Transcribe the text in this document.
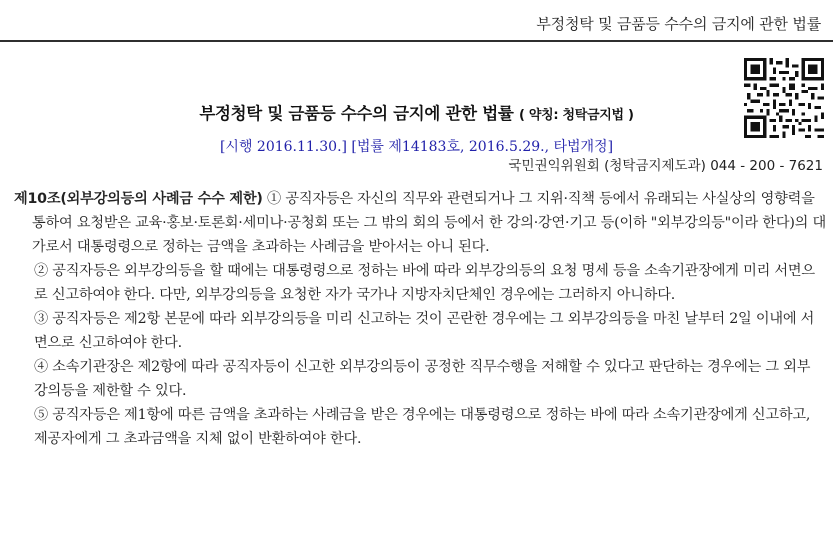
부정청탁 및 금품등 수수의 금지에 관한 법률
부정청탁 및 금품등 수수의 금지에 관한 법률 ( 약칭: 청탁금지법 )
[시행 2016.11.30.] [법률 제14183호, 2016.5.29., 타법개정]
국민권익위원회 (청탁금지제도과) 044 - 200 - 7621

제10조(외부강의등의 사례금 수수 제한) ① 공직자등은 자신의 직무와 관련되거나 그 지위·직책 등에서 유래되는 사실상의 영향력을 통하여 요청받은 교육·홍보·토론회·세미나·공청회 또는 그 밖의 회의 등에서 한 강의·강연·기고 등(이하 "외부강의등"이라 한다)의 대가로서 대통령령으로 정하는 금액을 초과하는 사례금을 받아서는 아니 된다.

② 공직자등은 외부강의등을 할 때에는 대통령령으로 정하는 바에 따라 외부강의등의 요청 명세 등을 소속기관장에게 미리 서면으로 신고하여야 한다. 다만, 외부강의등을 요청한 자가 국가나 지방자치단체인 경우에는 그러하지 아니하다.

③ 공직자등은 제2항 본문에 따라 외부강의등을 미리 신고하는 것이 곤란한 경우에는 그 외부강의등을 마친 날부터 2일 이내에 서면으로 신고하여야 한다.

④ 소속기관장은 제2항에 따라 공직자등이 신고한 외부강의등이 공정한 직무수행을 저해할 수 있다고 판단하는 경우에는 그 외부강의등을 제한할 수 있다.

⑤ 공직자등은 제1항에 따른 금액을 초과하는 사례금을 받은 경우에는 대통령령으로 정하는 바에 따라 소속기관장에게 신고하고, 제공자에게 그 초과금액을 지체 없이 반환하여야 한다.
